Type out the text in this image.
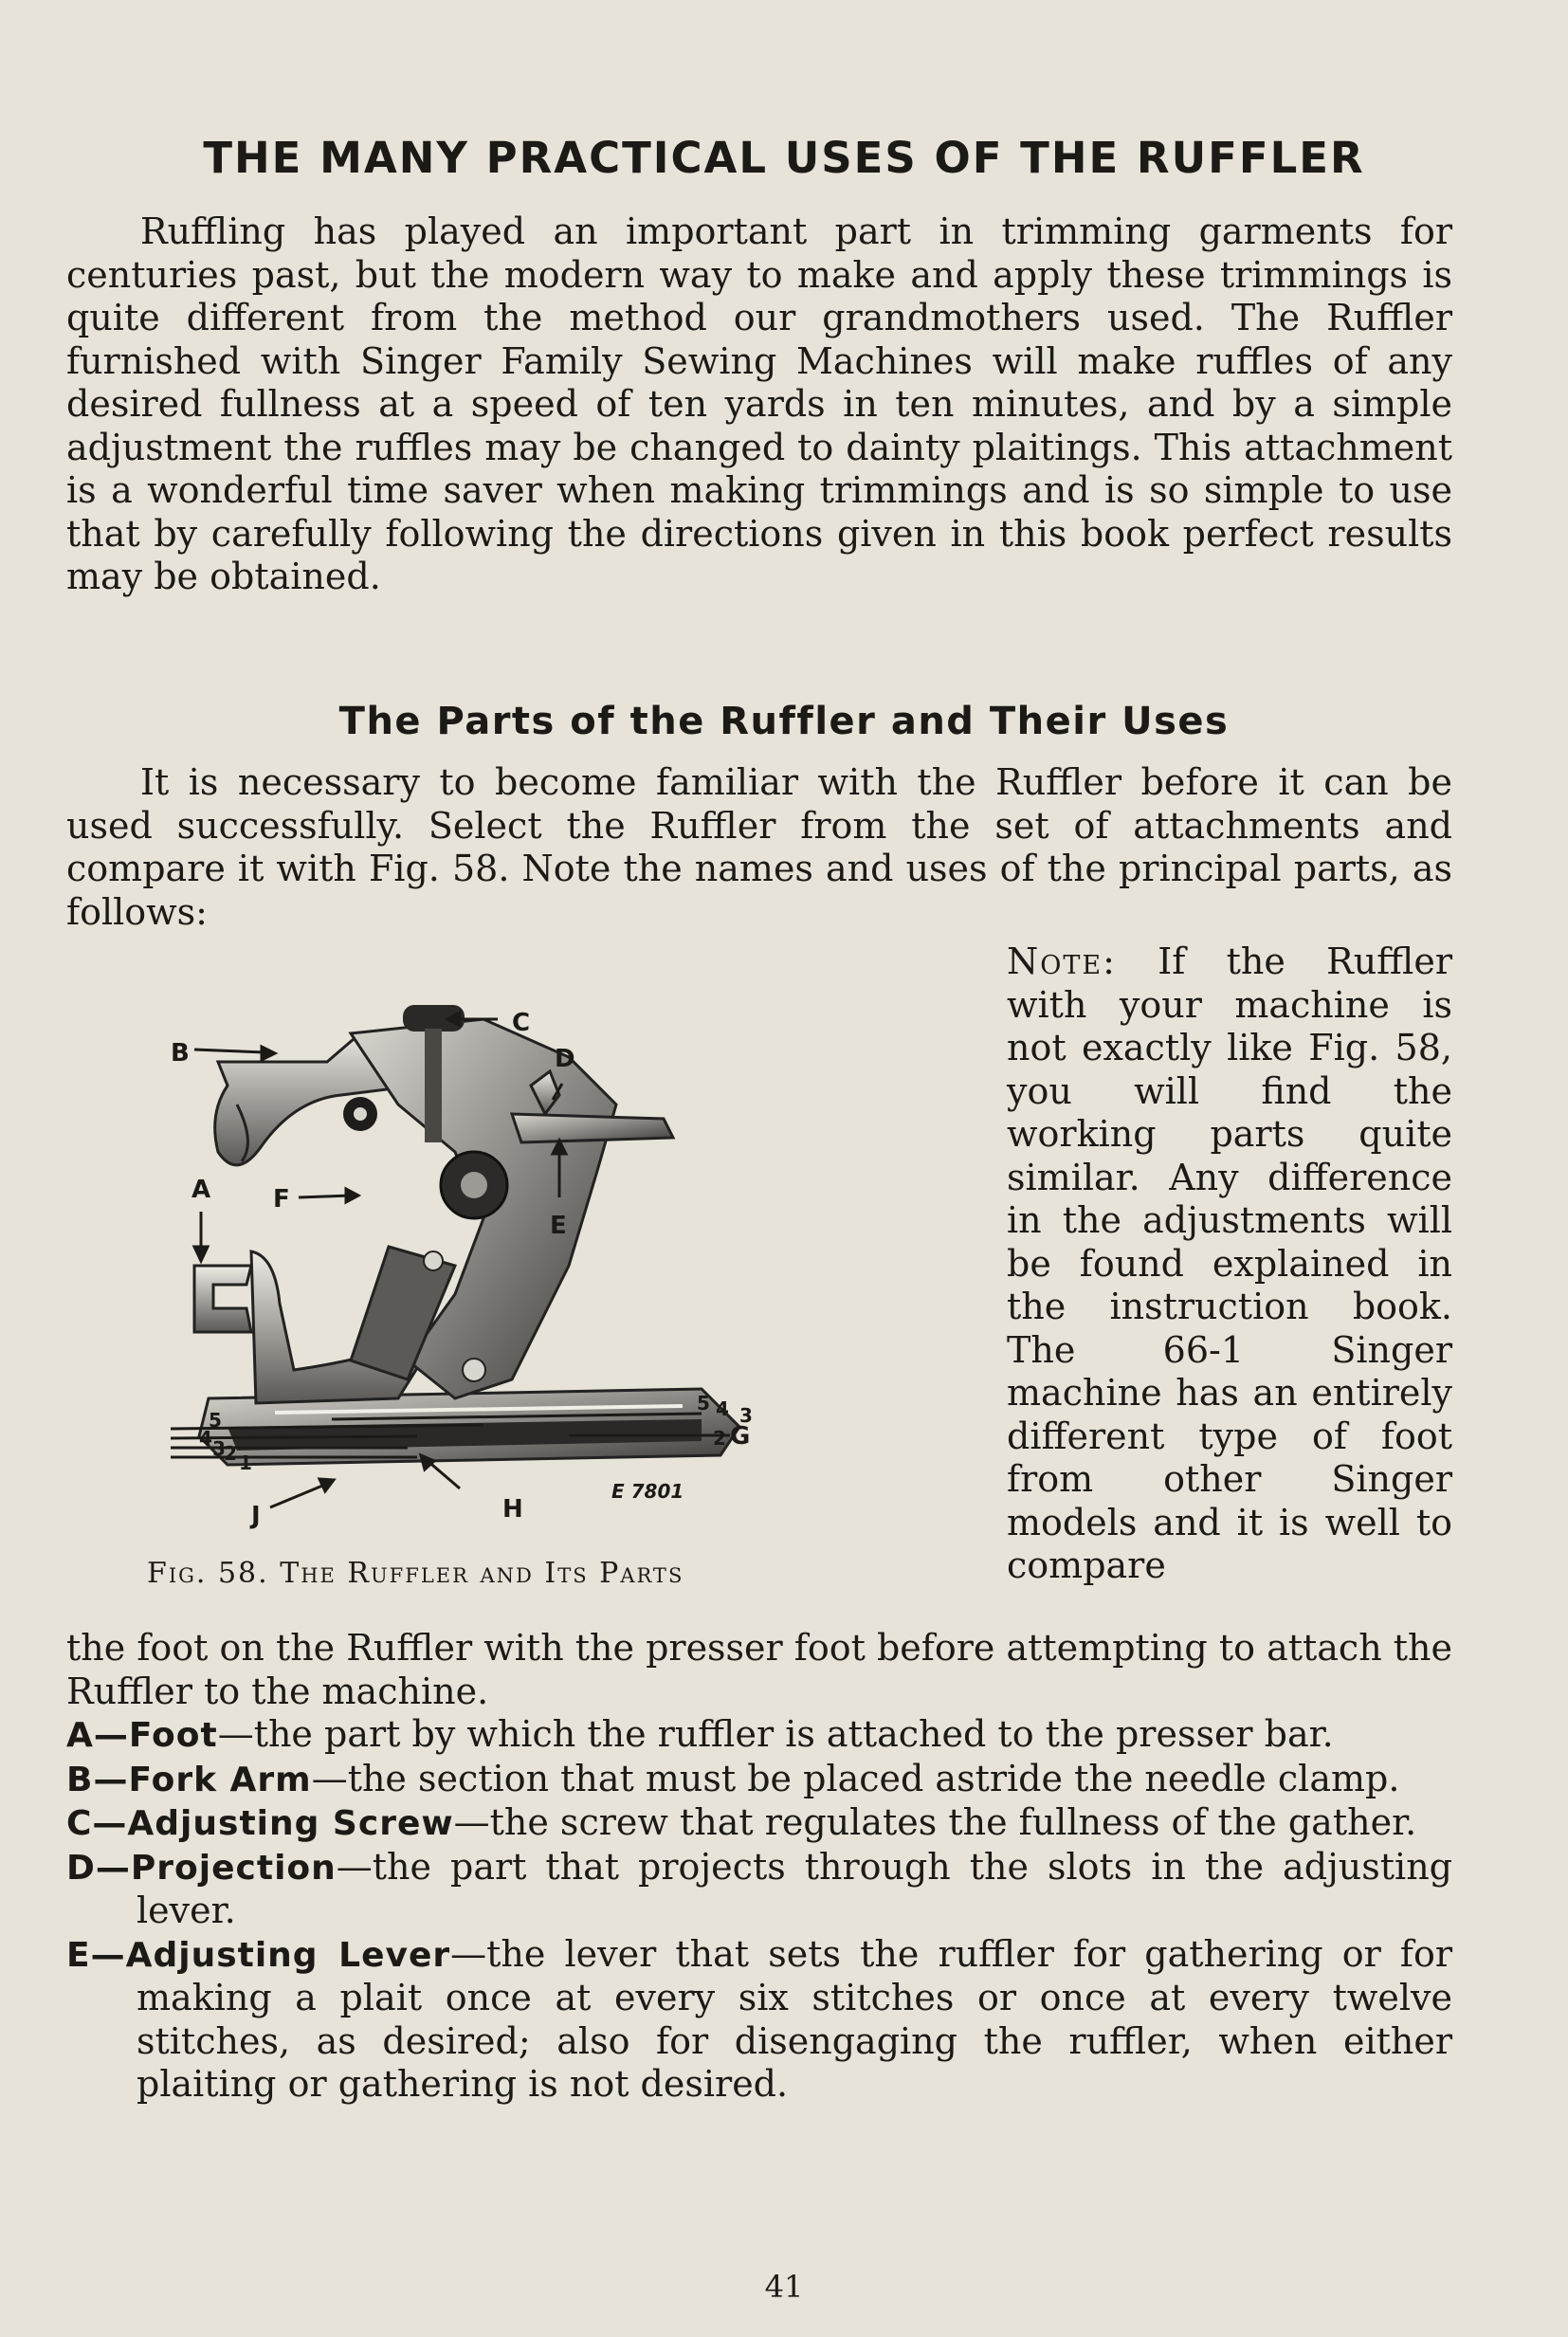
THE MANY PRACTICAL USES OF THE RUFFLER

Ruffling has played an important part in trimming garments for centuries past, but the modern way to make and apply these trimmings is quite different from the method our grandmothers used. The Ruffler furnished with Singer Family Sewing Machines will make ruffles of any desired fullness at a speed of ten yards in ten minutes, and by a simple adjustment the ruffles may be changed to dainty plaitings. This attachment is a wonderful time saver when making trimmings and is so simple to use that by carefully following the directions given in this book perfect results may be obtained.

The Parts of the Ruffler and Their Uses

It is necessary to become familiar with the Ruffler before it can be used successfully. Select the Ruffler from the set of attachments and compare it with Fig. 58. Note the names and uses of the principal parts, as follows:

Note: If the Ruffler with your machine is not exactly like Fig. 58, you will find the working parts quite similar. Any difference in the adjustments will be found explained in the instruction book. The 66-1 Singer machine has an entirely different type of foot from other Singer models and it is well to compare

C
B	D
A	F
E
G
H
J
5
4 3
2 1
5 4 3
2
E 7801

Fig. 58. The Ruffler and Its Parts

the foot on the Ruffler with the presser foot before attempting to attach the Ruffler to the machine.

A—Foot—the part by which the ruffler is attached to the presser bar.
B—Fork Arm—the section that must be placed astride the needle clamp.
C—Adjusting Screw—the screw that regulates the fullness of the gather.
D—Projection—the part that projects through the slots in the adjusting lever.
E—Adjusting Lever—the lever that sets the ruffler for gathering or for making a plait once at every six stitches or once at every twelve stitches, as desired; also for disengaging the ruffler, when either plaiting or gathering is not desired.

41
